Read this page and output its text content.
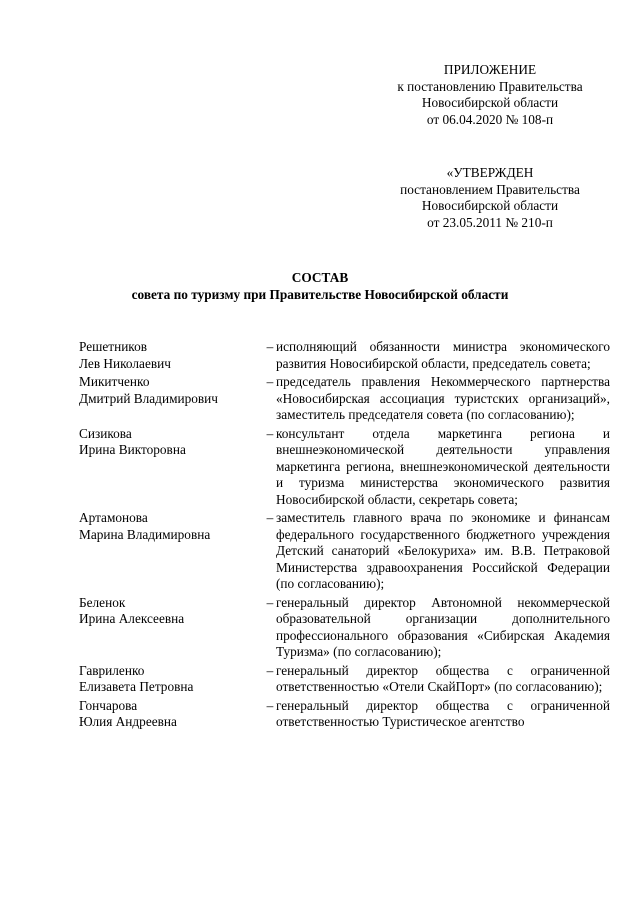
ПРИЛОЖЕНИЕ
к постановлению Правительства
Новосибирской области
от 06.04.2020 № 108-п
«УТВЕРЖДЕН
постановлением Правительства
Новосибирской области
от 23.05.2011 № 210-п
СОСТАВ
совета по туризму при Правительстве Новосибирской области
Решетников
Лев Николаевич
– исполняющий обязанности министра экономического развития Новосибирской области, председатель совета;
Микитченко
Дмитрий Владимирович
– председатель правления Некоммерческого партнерства «Новосибирская ассоциация туристских организаций», заместитель председателя совета (по согласованию);
Сизикова
Ирина Викторовна
– консультант отдела маркетинга региона и внешнеэкономической деятельности управления маркетинга региона, внешнеэкономической деятельности и туризма министерства экономического развития Новосибирской области, секретарь совета;
Артамонова
Марина Владимировна
– заместитель главного врача по экономике и финансам федерального государственного бюджетного учреждения Детский санаторий «Белокуриха» им. В.В. Петраковой Министерства здравоохранения Российской Федерации (по согласованию);
Беленок
Ирина Алексеевна
– генеральный директор Автономной некоммерческой образовательной организации дополнительного профессионального образования «Сибирская Академия Туризма» (по согласованию);
Гавриленко
Елизавета Петровна
– генеральный директор общества с ограниченной ответственностью «Отели СкайПорт» (по согласованию);
Гончарова
Юлия Андреевна
– генеральный директор общества с ограниченной ответственностью Туристическое агентство
